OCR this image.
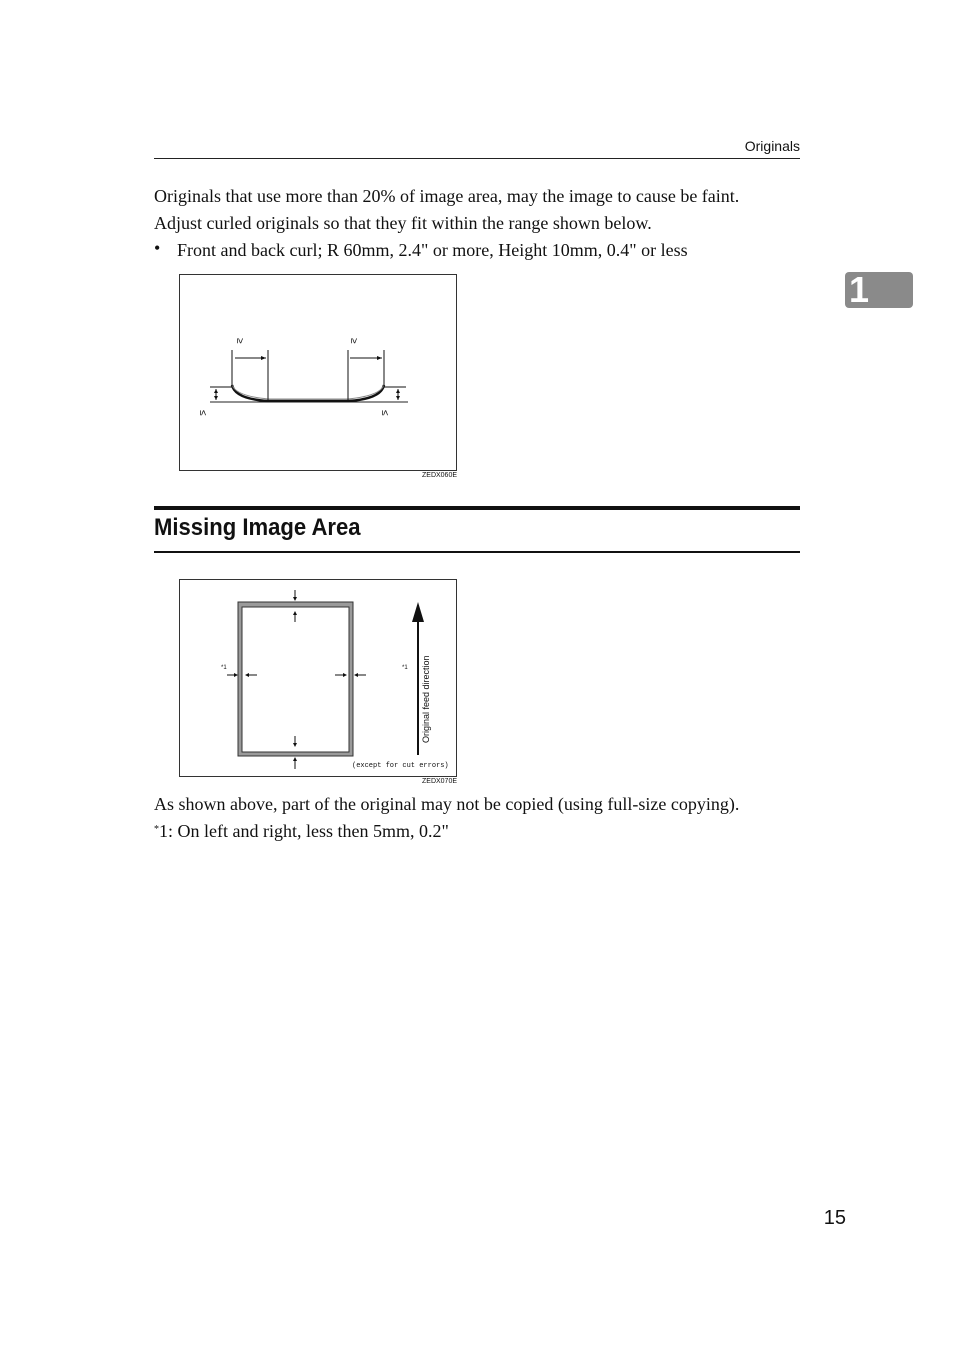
Originals
1
Originals that use more than 20% of image area, may the image to cause be faint.
Adjust curled originals so that they fit within the range shown below.
• Front and back curl; R 60mm, 2.4" or more, Height 10mm, 0.4" or less
≥	≥
≤	≤
ZEDX060E
Missing Image Area
*1	*1 Original feed direction
(except for cut errors)
ZEDX070E
As shown above, part of the original may not be copied (using full-size copying).
*1: On left and right, less then 5mm, 0.2"
15
